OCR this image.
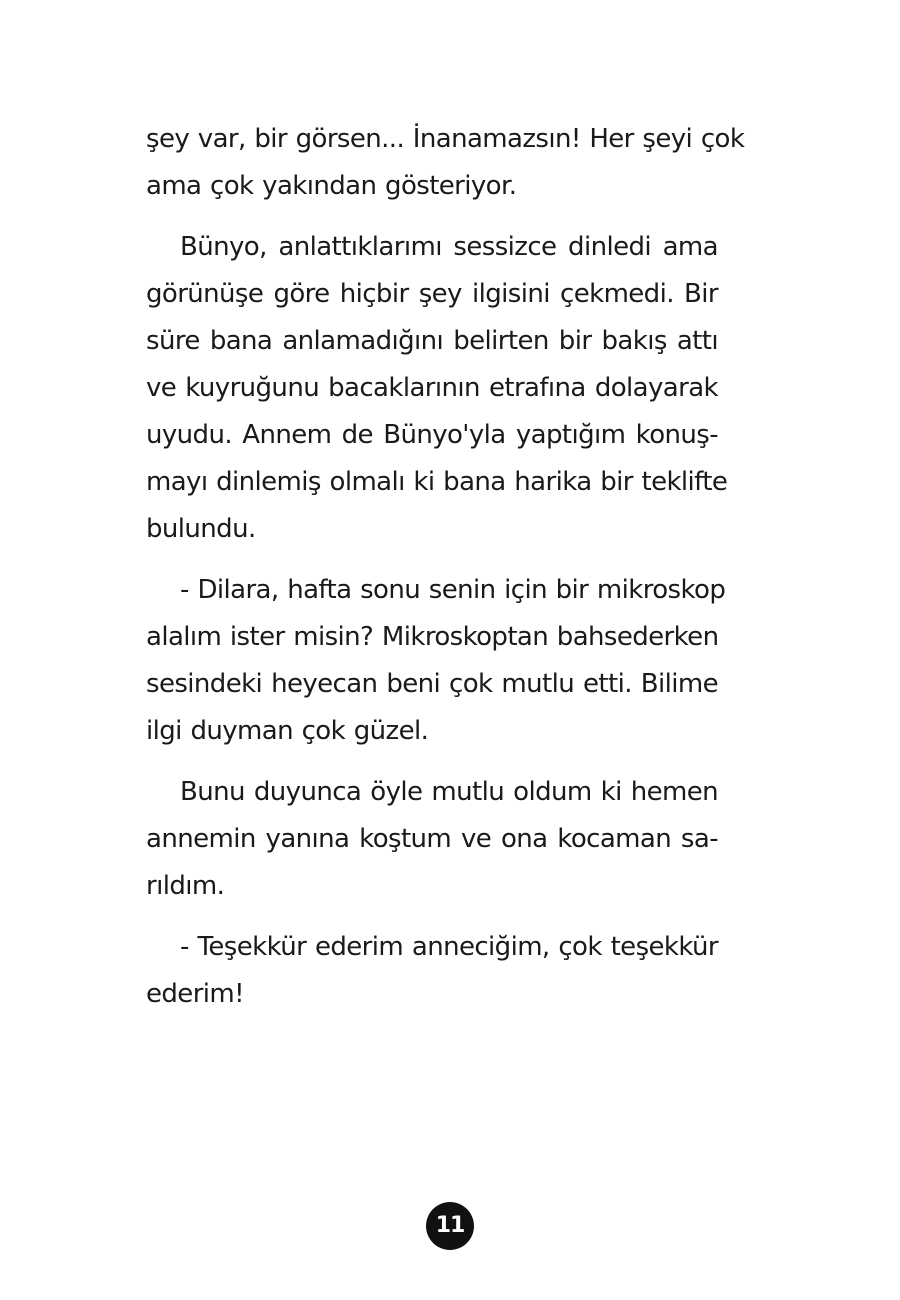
şey var, bir görsen... İnanamazsın! Her şeyi çok
ama çok yakından gösteriyor.
Bünyo, anlattıklarımı sessizce dinledi ama
görünüşe göre hiçbir şey ilgisini çekmedi. Bir
süre bana anlamadığını belirten bir bakış attı
ve kuyruğunu bacaklarının etrafına dolayarak
uyudu. Annem de Bünyo'yla yaptığım konuş-
mayı dinlemiş olmalı ki bana harika bir teklifte
bulundu.
- Dilara, hafta sonu senin için bir mikroskop
alalım ister misin? Mikroskoptan bahsederken
sesindeki heyecan beni çok mutlu etti. Bilime
ilgi duyman çok güzel.
Bunu duyunca öyle mutlu oldum ki hemen
annemin yanına koştum ve ona kocaman sa-
rıldım.
- Teşekkür ederim anneciğim, çok teşekkür
ederim!
11
